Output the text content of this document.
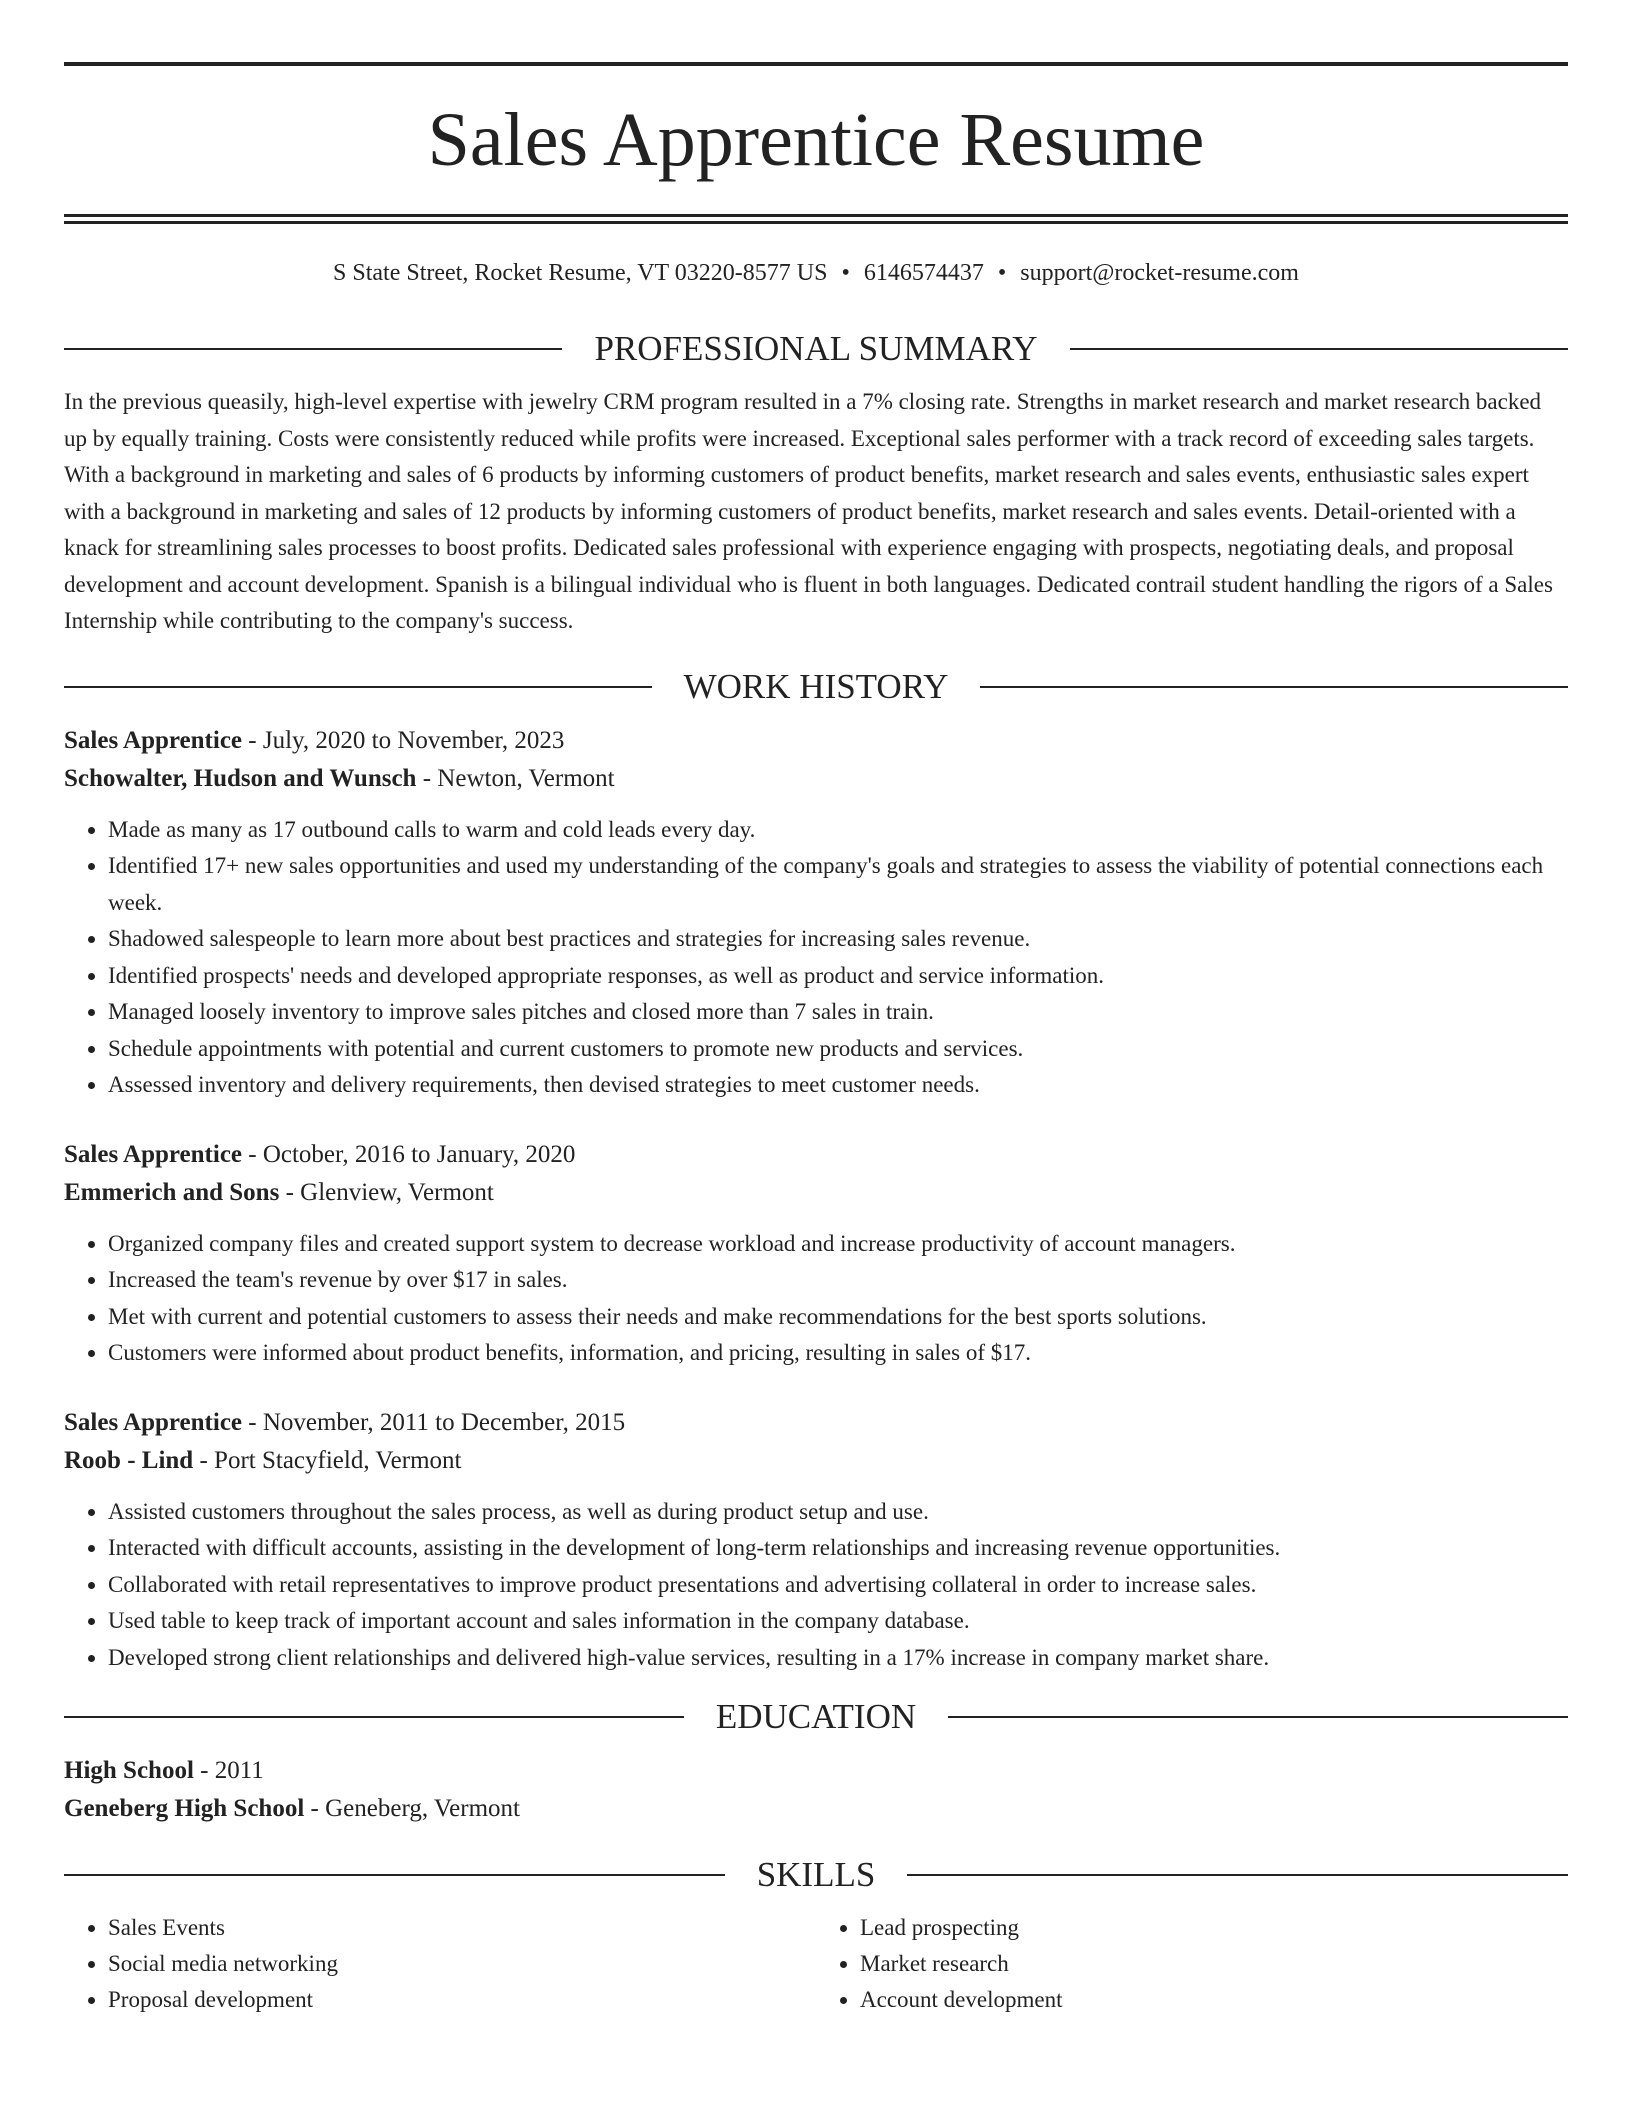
Sales Apprentice Resume
S State Street, Rocket Resume, VT 03220-8577 US • 6146574437 • support@rocket-resume.com
PROFESSIONAL SUMMARY

In the previous queasily, high-level expertise with jewelry CRM program resulted in a 7% closing rate. Strengths in market research and market research backed up by equally training. Costs were consistently reduced while profits were increased. Exceptional sales performer with a track record of exceeding sales targets. With a background in marketing and sales of 6 products by informing customers of product benefits, market research and sales events, enthusiastic sales expert with a background in marketing and sales of 12 products by informing customers of product benefits, market research and sales events. Detail-oriented with a knack for streamlining sales processes to boost profits. Dedicated sales professional with experience engaging with prospects, negotiating deals, and proposal development and account development. Spanish is a bilingual individual who is fluent in both languages. Dedicated contrail student handling the rigors of a Sales Internship while contributing to the company's success.

WORK HISTORY
Sales Apprentice - July, 2020 to November, 2023
Schowalter, Hudson and Wunsch - Newton, Vermont
• Made as many as 17 outbound calls to warm and cold leads every day.
• Identified 17+ new sales opportunities and used my understanding of the company's goals and strategies to assess the viability of potential connections each week.
• Shadowed salespeople to learn more about best practices and strategies for increasing sales revenue.
• Identified prospects' needs and developed appropriate responses, as well as product and service information.
• Managed loosely inventory to improve sales pitches and closed more than 7 sales in train.
• Schedule appointments with potential and current customers to promote new products and services.
• Assessed inventory and delivery requirements, then devised strategies to meet customer needs.
Sales Apprentice - October, 2016 to January, 2020
Emmerich and Sons - Glenview, Vermont
• Organized company files and created support system to decrease workload and increase productivity of account managers.
• Increased the team's revenue by over $17 in sales.
• Met with current and potential customers to assess their needs and make recommendations for the best sports solutions.
• Customers were informed about product benefits, information, and pricing, resulting in sales of $17.
Sales Apprentice - November, 2011 to December, 2015
Roob - Lind - Port Stacyfield, Vermont
• Assisted customers throughout the sales process, as well as during product setup and use.
• Interacted with difficult accounts, assisting in the development of long-term relationships and increasing revenue opportunities.
• Collaborated with retail representatives to improve product presentations and advertising collateral in order to increase sales.
• Used table to keep track of important account and sales information in the company database.
• Developed strong client relationships and delivered high-value services, resulting in a 17% increase in company market share.
EDUCATION
High School - 2011
Geneberg High School - Geneberg, Vermont
SKILLS
• Sales Events
• Social media networking
• Proposal development
• Lead prospecting
• Market research
• Account development
